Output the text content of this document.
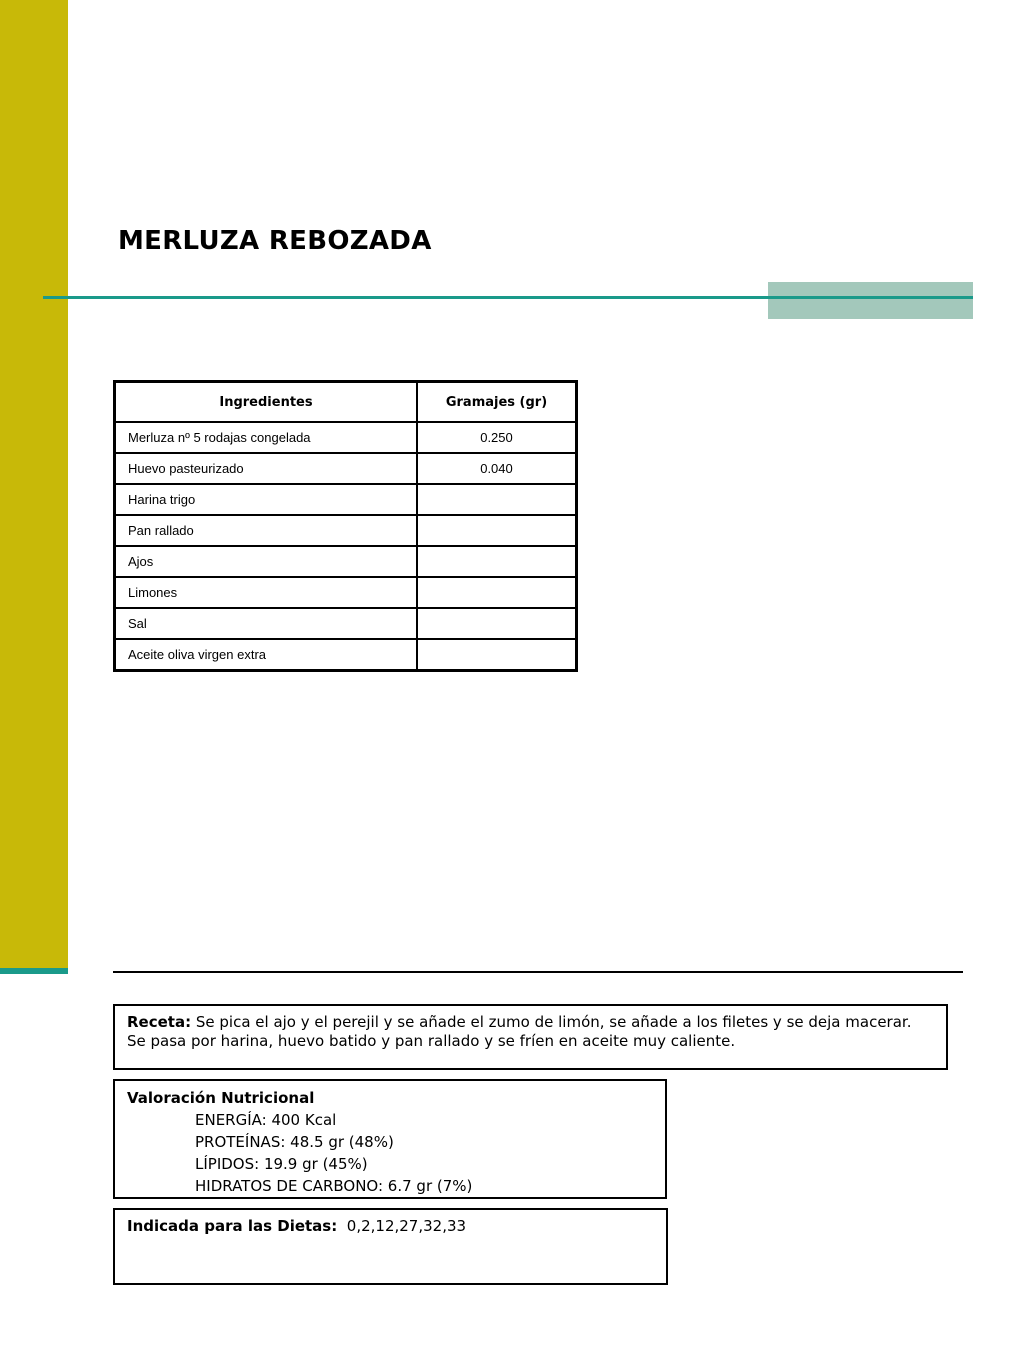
MERLUZA REBOZADA
Ingredientes	Gramajes (gr)
Merluza nº 5 rodajas congelada	0.250
Huevo pasteurizado	0.040
Harina trigo	
Pan rallado	
Ajos	
Limones	
Sal	
Aceite oliva virgen extra	
Receta: Se pica el ajo y el perejil y se añade el zumo de limón, se añade a los filetes y se deja macerar. Se pasa por harina, huevo batido y pan rallado y se fríen en aceite muy caliente.
Valoración Nutricional
ENERGÍA: 400 Kcal
PROTEÍNAS: 48.5 gr (48%)
LÍPIDOS: 19.9 gr (45%)
HIDRATOS DE CARBONO: 6.7 gr (7%)
Indicada para las Dietas: 0,2,12,27,32,33
